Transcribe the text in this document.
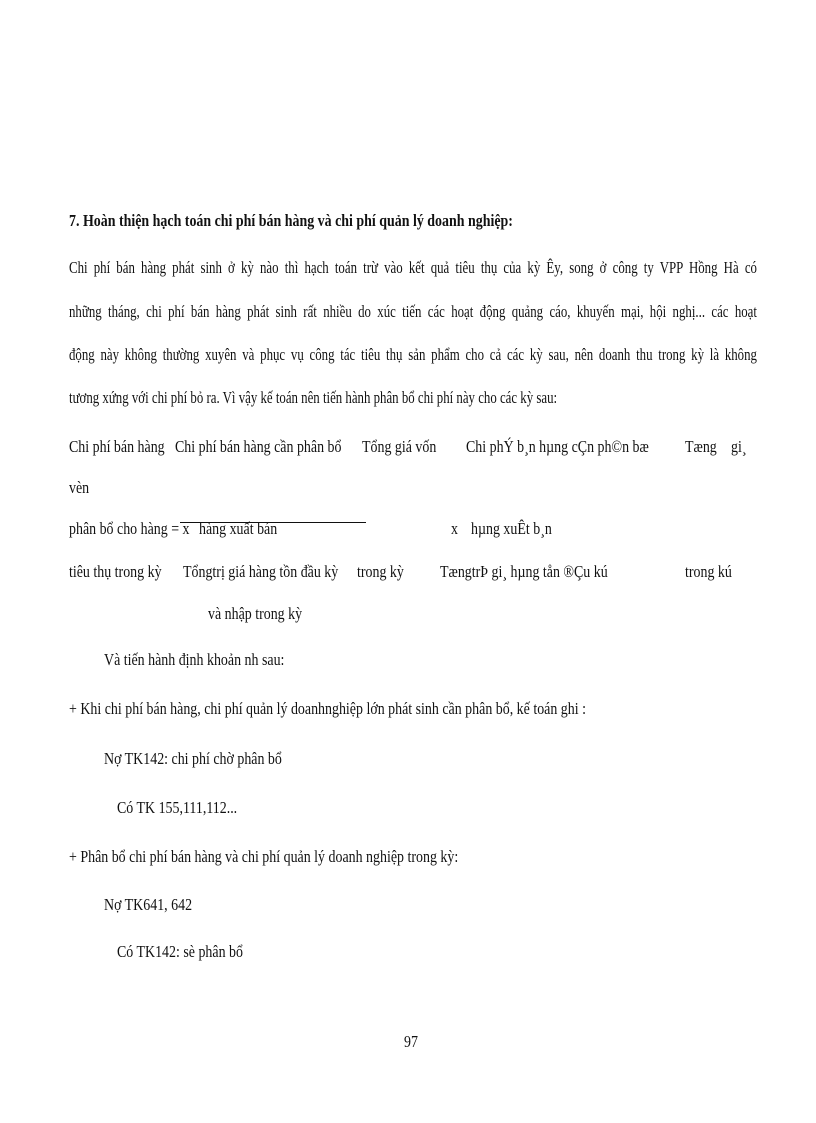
7. Hoàn thiện hạch toán chi phí bán hàng và chi phí quản lý doanh nghiệp:
Chi phí bán hàng phát sinh ở kỳ nào thì hạch toán trừ vào kết quả tiêu thụ của kỳ Êy, song ở công ty VPP Hồng Hà có
những tháng, chi phí bán hàng phát sinh rất nhiều do xúc tiến các hoạt động quảng cáo, khuyến mại, hội nghị... các hoạt
động này không thường xuyên và phục vụ công tác tiêu thụ sản phẩm cho cả các kỳ sau, nên doanh thu trong kỳ là không
tương xứng với chi phí bỏ ra. Vì vậy kế toán nên tiến hành phân bổ chi phí này cho các kỳ sau:
Chi phí bán hàng Chi phí bán hàng cần phân bổ Tổng giá vốn Chi phÝ b¸n hµng cÇn ph©n bæ Tæng gi¸
vèn
phân bổ cho hàng = x hàng xuất bán	x hµng xuÊt b¸n
tiêu thụ trong kỳ Tổngtrị giá hàng tồn đầu kỳ trong kỳ TængtrÞ gi¸ hµng tån ®Çu kú	trong kú
và nhập trong kỳ
Và tiến hành định khoản nh sau:
+ Khi chi phí bán hàng, chi phí quản lý doanhnghiệp lớn phát sinh cần phân bổ, kế toán ghi :
Nợ TK142: chi phí chờ phân bổ
Có TK 155,111,112...
+ Phân bổ chi phí bán hàng và chi phí quản lý doanh nghiệp trong kỳ:
Nợ TK641, 642
Có TK142: sè phân bổ
97
